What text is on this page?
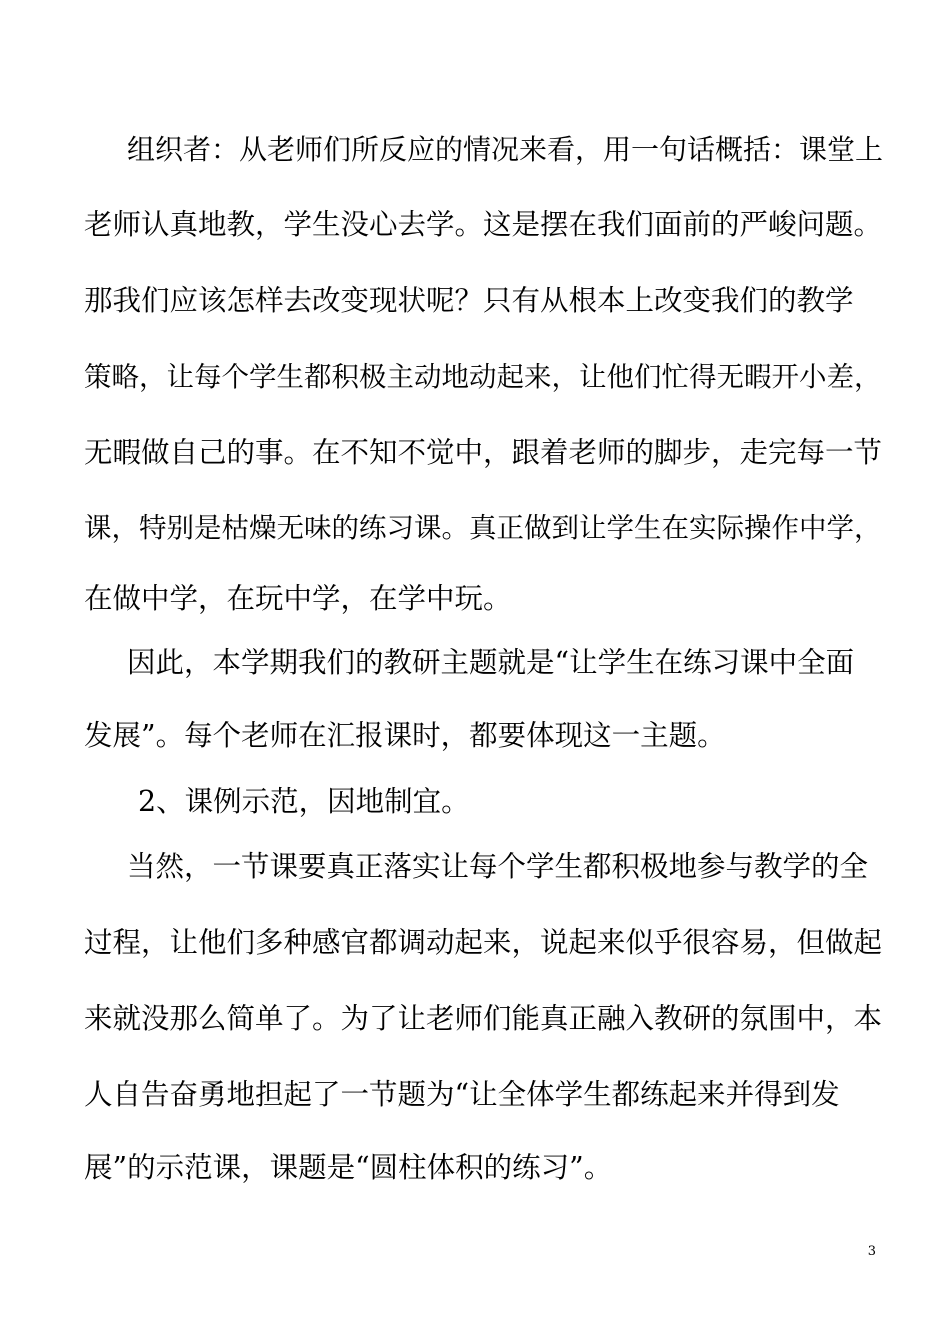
组织者：从老师们所反应的情况来看，用一句话概括：课堂上
老师认真地教，学生没心去学。这是摆在我们面前的严峻问题。
那我们应该怎样去改变现状呢？只有从根本上改变我们的教学
策略，让每个学生都积极主动地动起来，让他们忙得无暇开小差，
无暇做自己的事。在不知不觉中，跟着老师的脚步，走完每一节
课，特别是枯燥无味的练习课。真正做到让学生在实际操作中学，
在做中学，在玩中学，在学中玩。
因此，本学期我们的教研主题就是“让学生在练习课中全面
发展”。每个老师在汇报课时，都要体现这一主题。
2、课例示范，因地制宜。
当然，一节课要真正落实让每个学生都积极地参与教学的全
过程，让他们多种感官都调动起来，说起来似乎很容易，但做起
来就没那么简单了。为了让老师们能真正融入教研的氛围中，本
人自告奋勇地担起了一节题为“让全体学生都练起来并得到发
展”的示范课，课题是“圆柱体积的练习”。
3
